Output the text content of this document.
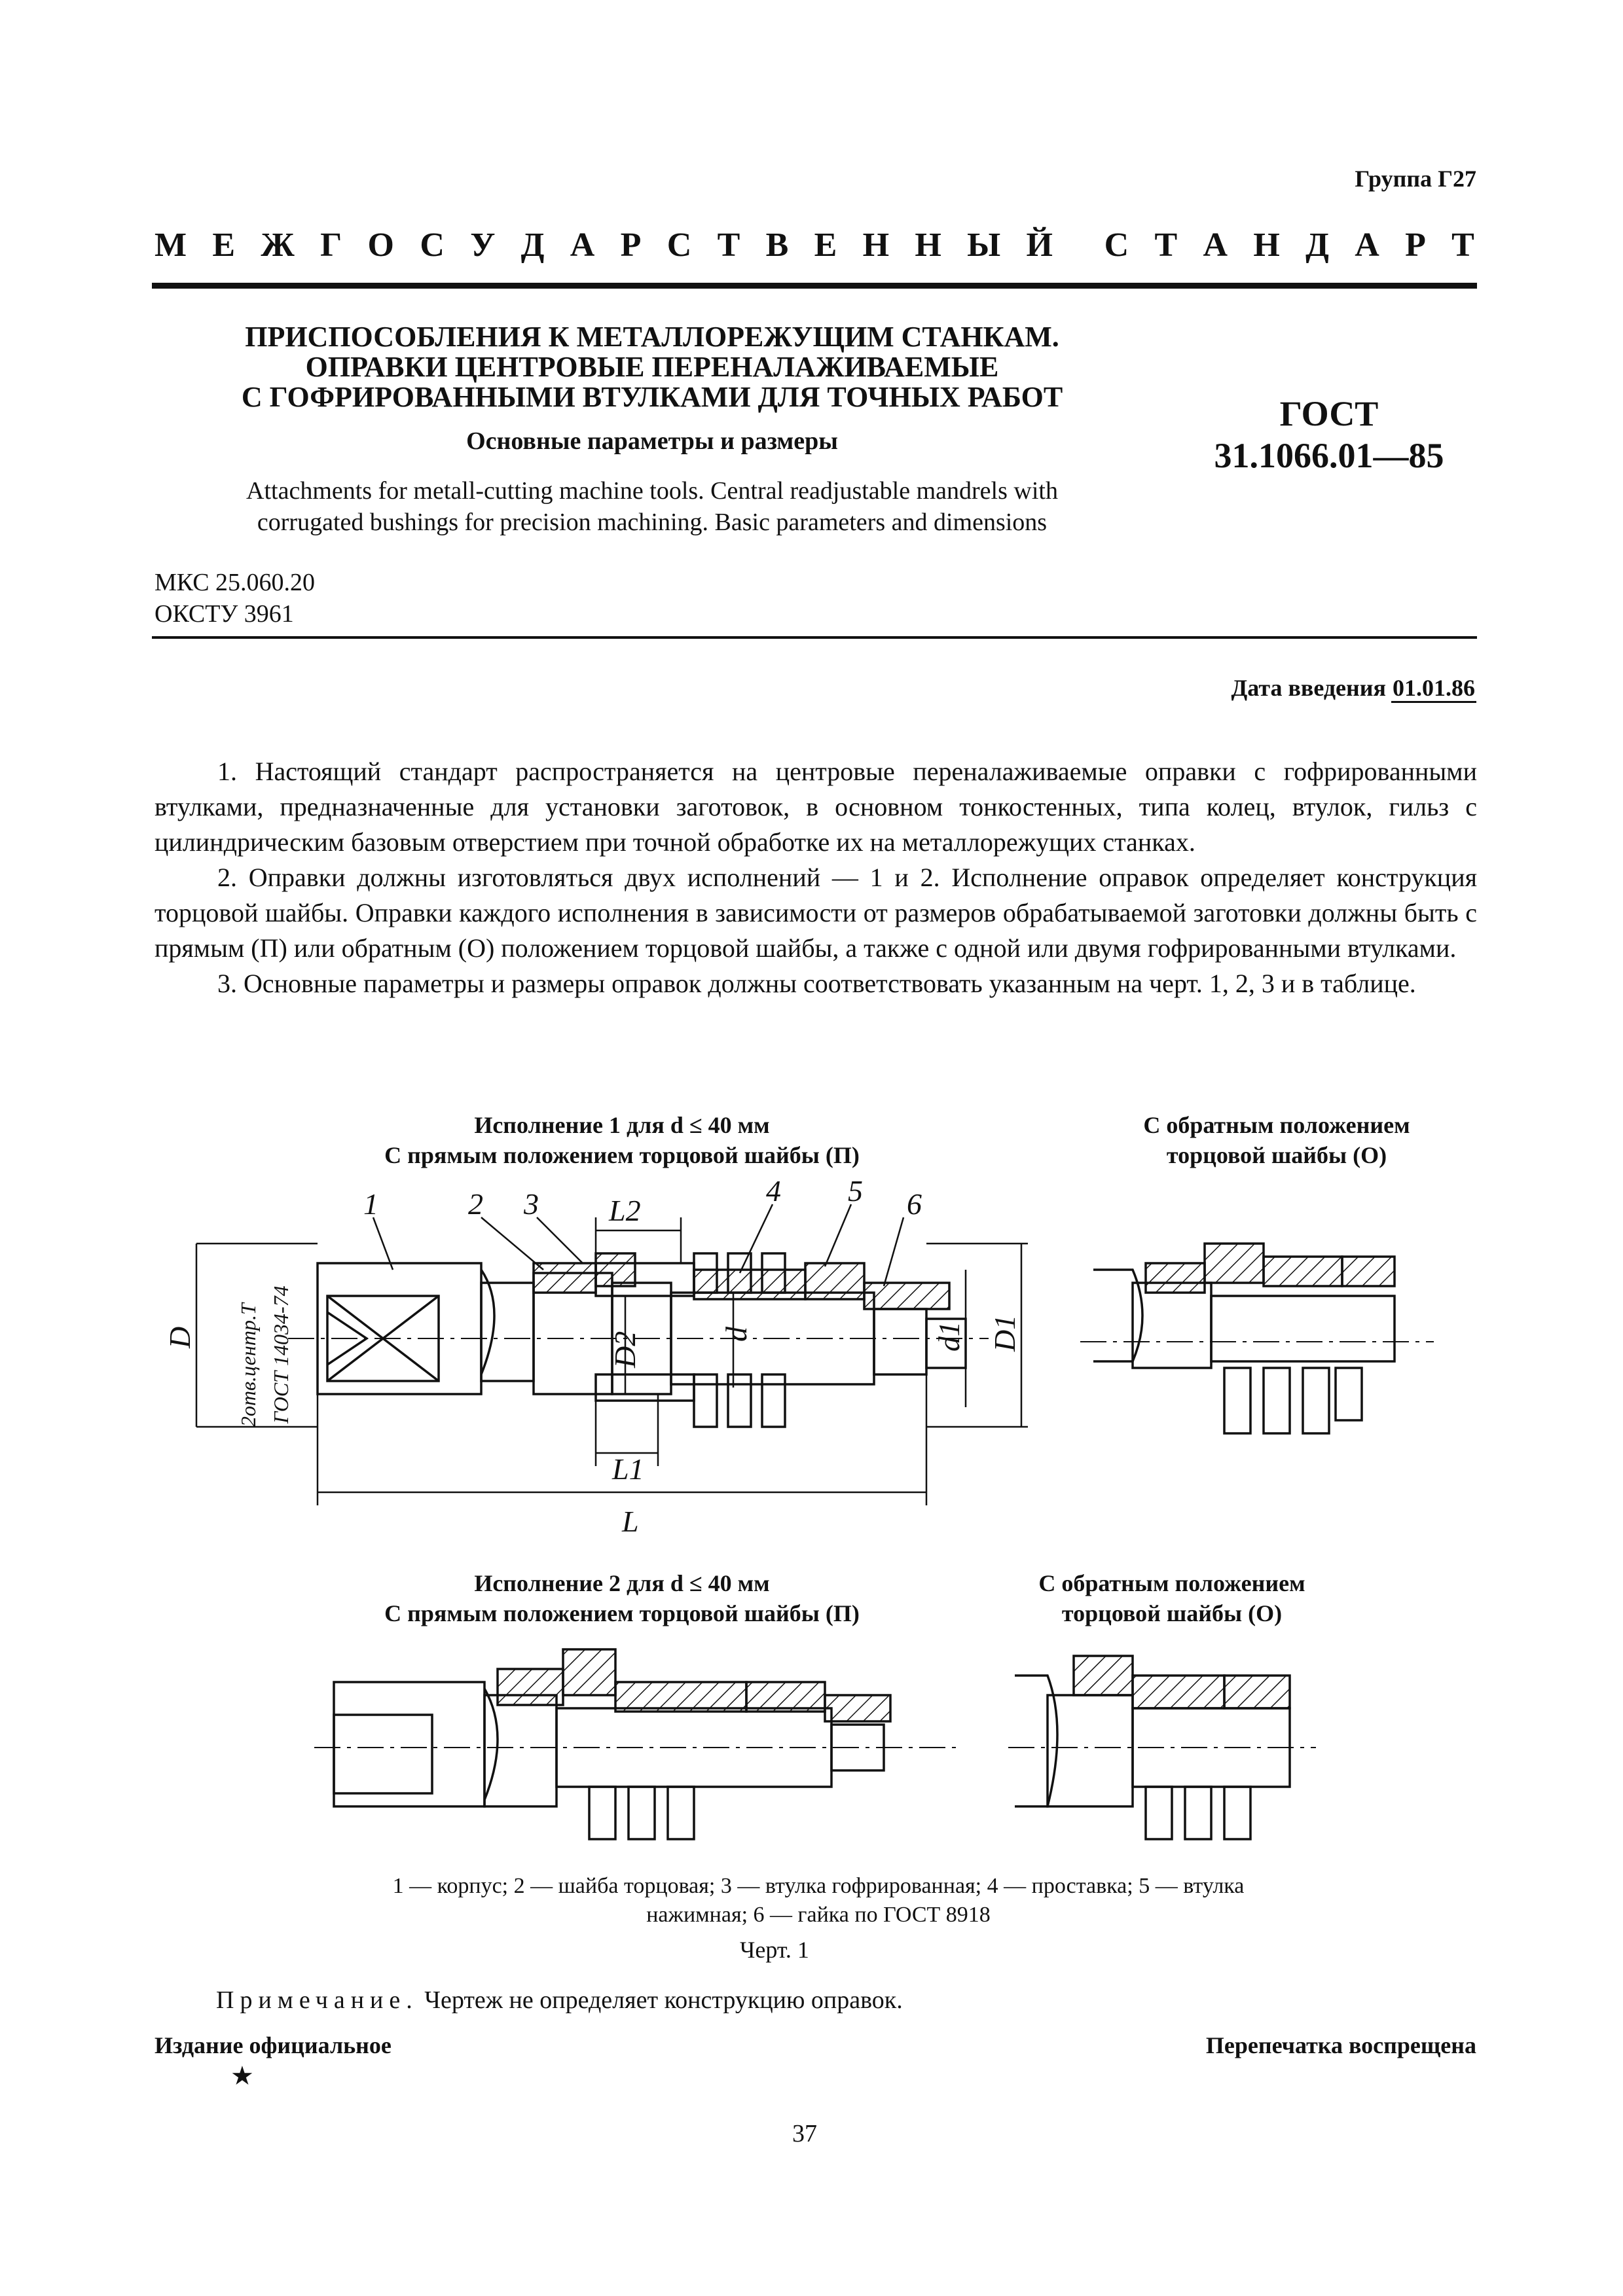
Группа Г27
М Е Ж Г О С У Д А Р С Т В Е Н Н Ы Й С Т А Н Д А Р Т
ПРИСПОСОБЛЕНИЯ К МЕТАЛЛОРЕЖУЩИМ СТАНКАМ.
ОПРАВКИ ЦЕНТРОВЫЕ ПЕРЕНАЛАЖИВАЕМЫЕ
С ГОФРИРОВАННЫМИ ВТУЛКАМИ ДЛЯ ТОЧНЫХ РАБОТ
Основные параметры и размеры
Attachments for metall-cutting machine tools. Central readjustable mandrels with
corrugated bushings for precision machining. Basic parameters and dimensions
ГОСТ
31.1066.01—85
МКС 25.060.20
ОКСТУ 3961
Дата введения 01.01.86

1. Настоящий стандарт распространяется на центровые переналаживаемые оправки с гофрированными втулками, предназначенные для установки заготовок, в основном тонкостенных, типа колец, втулок, гильз с цилиндрическим базовым отверстием при точной обработке их на металлорежущих станках.

2. Оправки должны изготовляться двух исполнений — 1 и 2. Исполнение оправок определяет конструкция торцовой шайбы. Оправки каждого исполнения в зависимости от размеров обрабатываемой заготовки должны быть с прямым (П) или обратным (О) положением торцовой шайбы, а также с одной или двумя гофрированными втулками.

3. Основные параметры и размеры оправок должны соответствовать указанным на черт. 1, 2, 3 и в таблице.

Исполнение 1 для d ≤ 40 мм
С прямым положением торцовой шайбы (П)
С обратным положением
торцовой шайбы (О)
1	2 3	4 5 6
L2
L1
L
D	D2	d	d1 D1
2отв.центр.Т ГОСТ 14034-74
Исполнение 2 для d ≤ 40 мм
С прямым положением торцовой шайбы (П)
С обратным положением
торцовой шайбы (О)
1 — корпус; 2 — шайба торцовая; 3 — втулка гофрированная; 4 — проставка; 5 — втулка
нажимная; 6 — гайка по ГОСТ 8918
Черт. 1
Примечание. Чертеж не определяет конструкцию оправок.
Издание официальное
★
Перепечатка воспрещена
37
